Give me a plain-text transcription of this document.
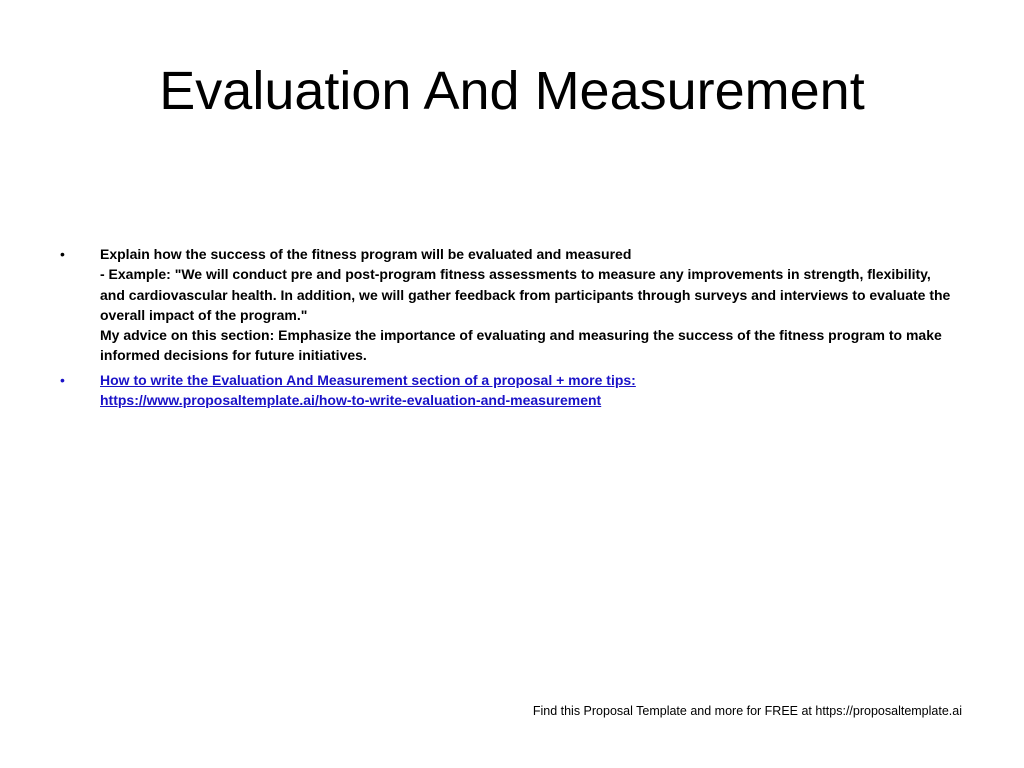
Evaluation And Measurement
•	Explain how the success of the fitness program will be evaluated and measured
- Example: "We will conduct pre and post-program fitness assessments to measure any improvements in strength, flexibility, and cardiovascular health. In addition, we will gather feedback from participants through surveys and interviews to evaluate the overall impact of the program."
My advice on this section: Emphasize the importance of evaluating and measuring the success of the fitness program to make informed decisions for future initiatives.
•	How to write the Evaluation And Measurement section of a proposal + more tips:
https://www.proposaltemplate.ai/how-to-write-evaluation-and-measurement
Find this Proposal Template and more for FREE at https://proposaltemplate.ai
